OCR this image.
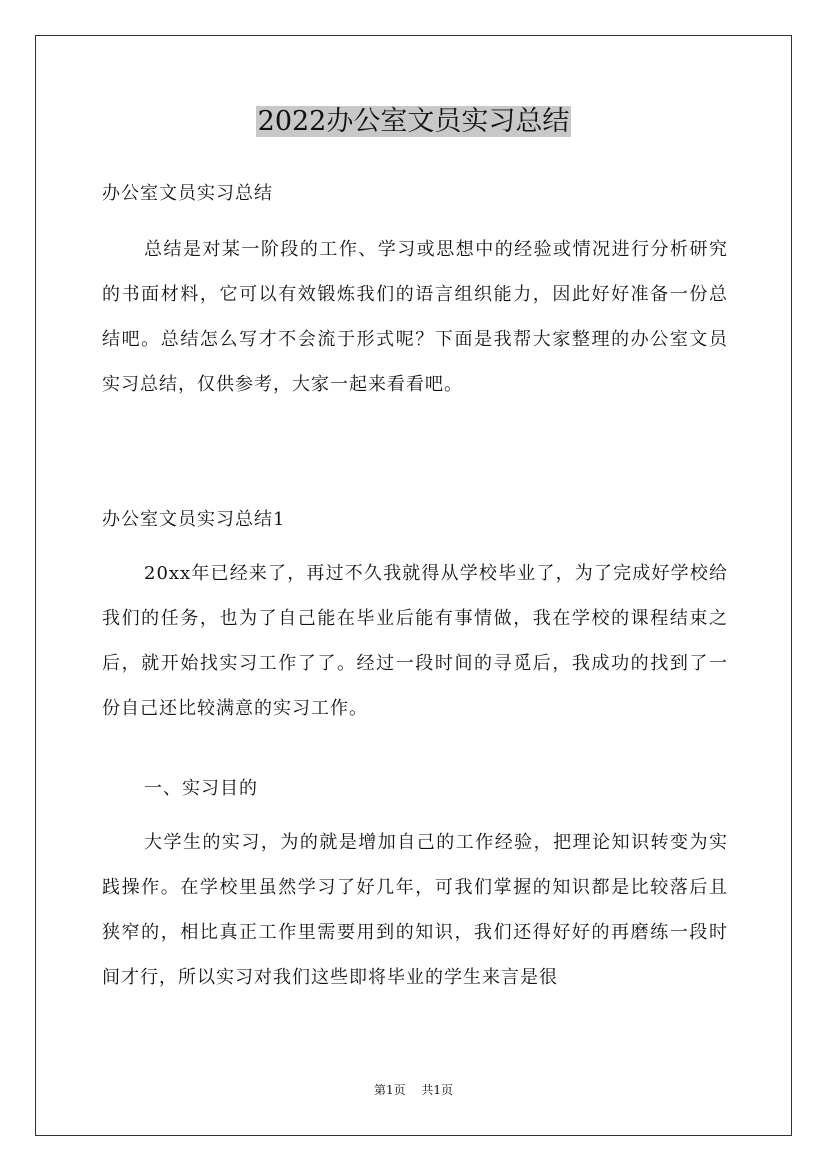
2022办公室文员实习总结
办公室文员实习总结
总结是对某一阶段的工作、学习或思想中的经验或情况进行分析研究的书面材料，它可以有效锻炼我们的语言组织能力，因此好好准备一份总结吧。总结怎么写才不会流于形式呢？下面是我帮大家整理的办公室文员实习总结，仅供参考，大家一起来看看吧。
办公室文员实习总结1
20xx年已经来了，再过不久我就得从学校毕业了，为了完成好学校给我们的任务，也为了自己能在毕业后能有事情做，我在学校的课程结束之后，就开始找实习工作了了。经过一段时间的寻觅后，我成功的找到了一份自己还比较满意的实习工作。
一、实习目的
大学生的实习，为的就是增加自己的工作经验，把理论知识转变为实践操作。在学校里虽然学习了好几年，可我们掌握的知识都是比较落后且狭窄的，相比真正工作里需要用到的知识，我们还得好好的再磨练一段时间才行，所以实习对我们这些即将毕业的学生来言是很
第1页 共1页
